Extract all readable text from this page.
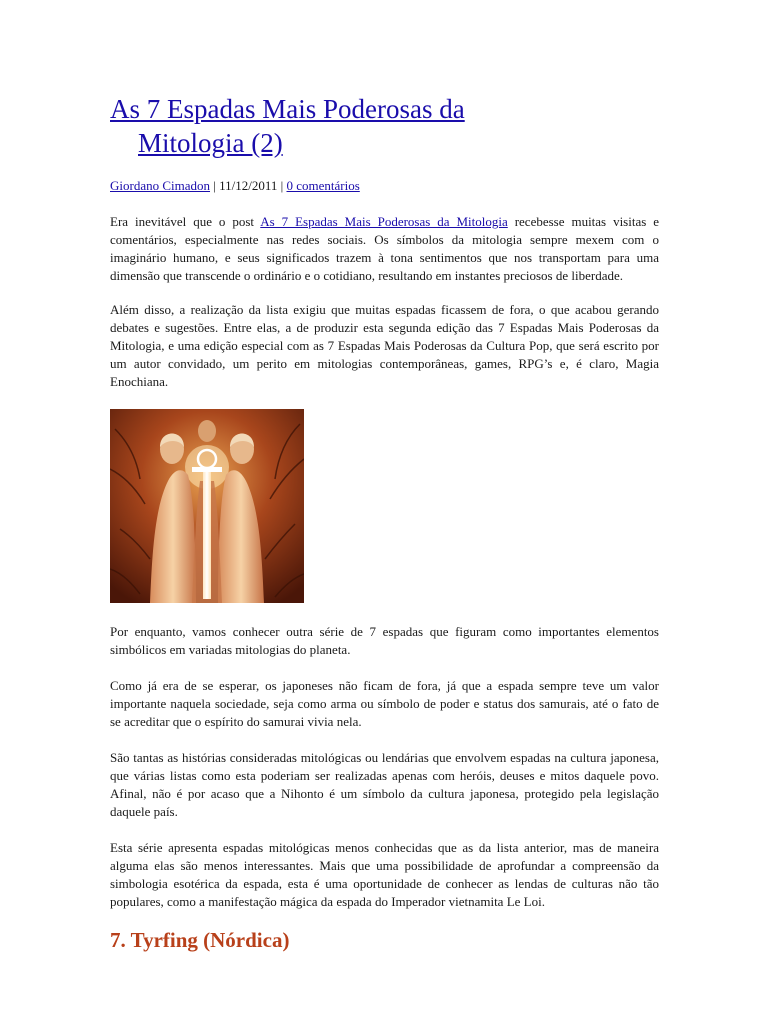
As 7 Espadas Mais Poderosas da
Mitologia (2)
Giordano Cimadon | 11/12/2011 | 0 comentários

Era inevitável que o post As 7 Espadas Mais Poderosas da Mitologia recebesse muitas visitas e comentários, especialmente nas redes sociais. Os símbolos da mitologia sempre mexem com o imaginário humano, e seus significados trazem à tona sentimentos que nos transportam para uma dimensão que transcende o ordinário e o cotidiano, resultando em instantes preciosos de liberdade.

Além disso, a realização da lista exigiu que muitas espadas ficassem de fora, o que acabou gerando debates e sugestões. Entre elas, a de produzir esta segunda edição das 7 Espadas Mais Poderosas da Mitologia, e uma edição especial com as 7 Espadas Mais Poderosas da Cultura Pop, que será escrito por um autor convidado, um perito em mitologias contemporâneas, games, RPG’s e, é claro, Magia Enochiana.

Por enquanto, vamos conhecer outra série de 7 espadas que figuram como importantes elementos simbólicos em variadas mitologias do planeta.

Como já era de se esperar, os japoneses não ficam de fora, já que a espada sempre teve um valor importante naquela sociedade, seja como arma ou símbolo de poder e status dos samurais, até o fato de se acreditar que o espírito do samurai vivia nela.

São tantas as histórias consideradas mitológicas ou lendárias que envolvem espadas na cultura japonesa, que várias listas como esta poderiam ser realizadas apenas com heróis, deuses e mitos daquele povo. Afinal, não é por acaso que a Nihonto é um símbolo da cultura japonesa, protegido pela legislação daquele país.

Esta série apresenta espadas mitológicas menos conhecidas que as da lista anterior, mas de maneira alguma elas são menos interessantes. Mais que uma possibilidade de aprofundar a compreensão da simbologia esotérica da espada, esta é uma oportunidade de conhecer as lendas de culturas não tão populares, como a manifestação mágica da espada do Imperador vietnamita Le Loi.

7. Tyrfing (Nórdica)
